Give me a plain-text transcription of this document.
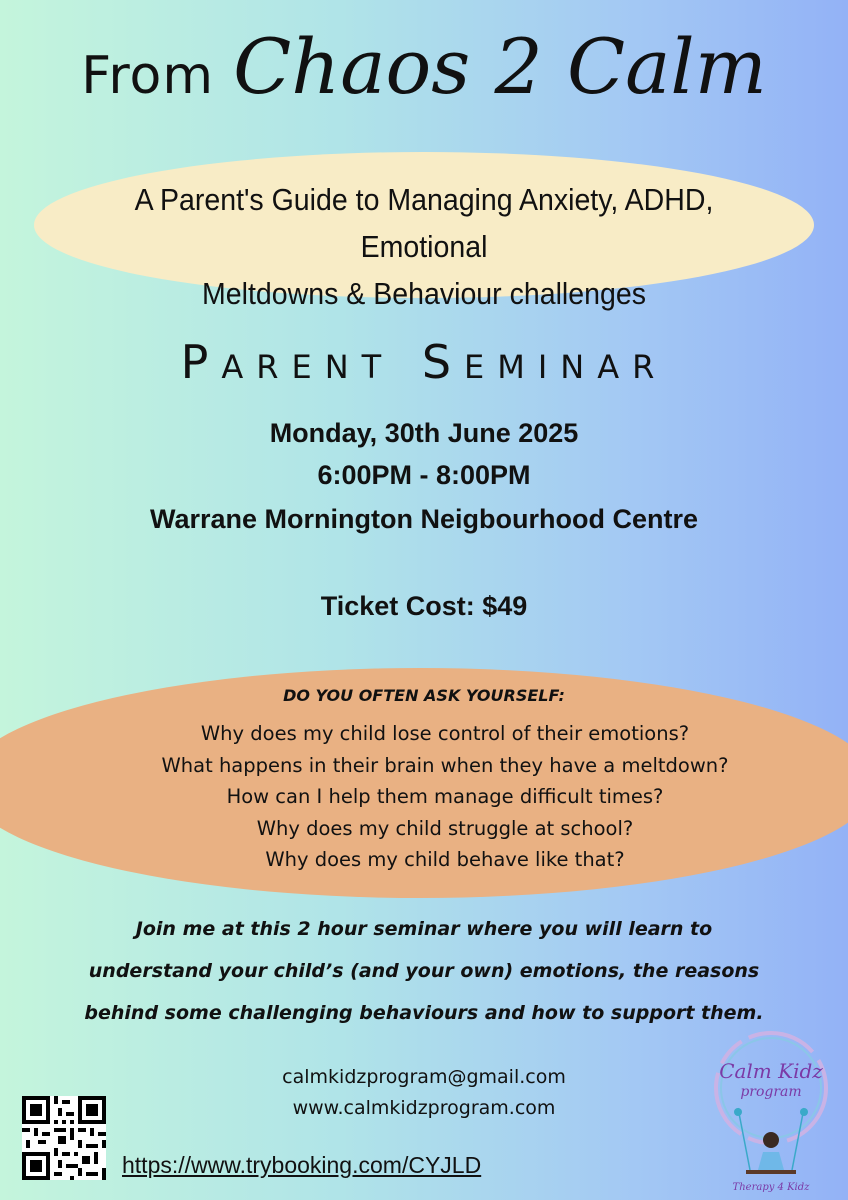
From Chaos 2 Calm
A Parent's Guide to Managing Anxiety, ADHD, Emotional
Meltdowns & Behaviour challenges
Parent Seminar
Monday, 30th June 2025
6:00PM - 8:00PM
Warrane Mornington Neigbourhood Centre
Ticket Cost: $49
DO YOU OFTEN ASK YOURSELF:
Why does my child lose control of their emotions?
What happens in their brain when they have a meltdown?
How can I help them manage difficult times?
Why does my child struggle at school?
Why does my child behave like that?
Join me at this 2 hour seminar where you will learn to
understand your child’s (and your own) emotions, the reasons
behind some challenging behaviours and how to support them.
calmkidzprogram@gmail.com
www.calmkidzprogram.com
https://www.trybooking.com/CYJLD
Calm Kidz
program
Therapy 4 Kidz
